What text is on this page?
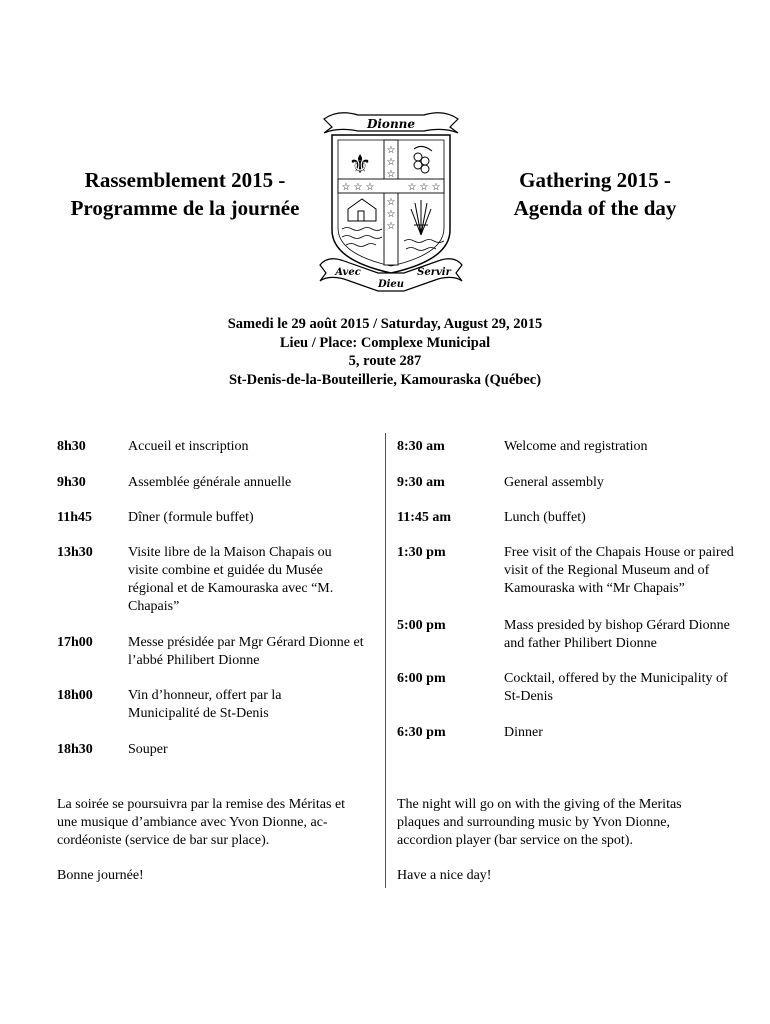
Rassemblement 2015 -
Programme de la journée
Gathering 2015 -
Agenda of the day
Dionne
⚜ ☆
☆
☆
☆ ☆ ☆	☆ ☆ ☆
☆
☆
☆
Avec
Dieu
Servir
Samedi le 29 août 2015 / Saturday, August 29, 2015
Lieu / Place: Complexe Municipal
5, route 287
St-Denis-de-la-Bouteillerie, Kamouraska (Québec)
8h30	Accueil et inscription
9h30	Assemblée générale annuelle
11h45	Dîner (formule buffet)
13h30	Visite libre de la Maison Chapais ou visite combine et guidée du Musée régional et de Kamouraska avec “M. Chapais”
17h00	Messe présidée par Mgr Gérard Dionne et l’abbé Philibert Dionne
18h00	Vin d’honneur, offert par la Municipalité de St-Denis
18h30	Souper
8:30 am	Welcome and registration
9:30 am	General assembly
11:45 am	Lunch (buffet)
1:30 pm	Free visit of the Chapais House or paired visit of the Regional Museum and of Kamouraska with “Mr Chapais”
5:00 pm	Mass presided by bishop Gérard Dionne and father Philibert Dionne
6:00 pm	Cocktail, offered by the Municipality of St-Denis
6:30 pm	Dinner
La soirée se poursuivra par la remise des Méritas et
une musique d’ambiance avec Yvon Dionne, ac-
cordéoniste (service de bar sur place).
Bonne journée!
The night will go on with the giving of the Meritas
plaques and surrounding music by Yvon Dionne,
accordion player (bar service on the spot).
Have a nice day!
